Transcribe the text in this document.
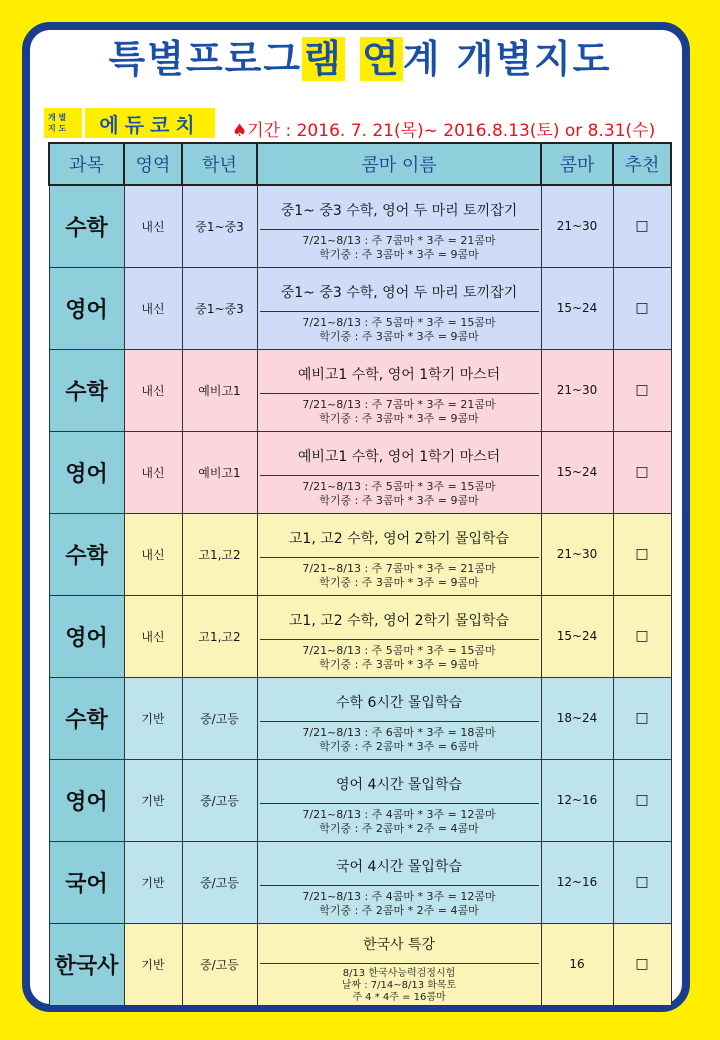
특별프로그램 연계 개별지도
개 별
지 도	에듀코치	♠기간 : 2016. 7. 21(목)~ 2016.8.13(토) or 8.31(수)
과목	영역	학년	콤마 이름	콤마	추천
수학	내신	중1~중3	중1~ 중3 수학, 영어 두 마리 토끼잡기
7/21~8/13 : 주 7콤마 * 3주 = 21콤마
학기중 : 주 3콤마 * 3주 = 9콤마	21~30	□
영어	내신	중1~중3	중1~ 중3 수학, 영어 두 마리 토끼잡기
7/21~8/13 : 주 5콤마 * 3주 = 15콤마
학기중 : 주 3콤마 * 3주 = 9콤마	15~24	□
수학	내신	예비고1	예비고1 수학, 영어 1학기 마스터
7/21~8/13 : 주 7콤마 * 3주 = 21콤마
학기중 : 주 3콤마 * 3주 = 9콤마	21~30	□
영어	내신	예비고1	예비고1 수학, 영어 1학기 마스터
7/21~8/13 : 주 5콤마 * 3주 = 15콤마
학기중 : 주 3콤마 * 3주 = 9콤마	15~24	□
수학	내신	고1,고2	고1, 고2 수학, 영어 2학기 몰입학습
7/21~8/13 : 주 7콤마 * 3주 = 21콤마
학기중 : 주 3콤마 * 3주 = 9콤마	21~30	□
영어	내신	고1,고2	고1, 고2 수학, 영어 2학기 몰입학습
7/21~8/13 : 주 5콤마 * 3주 = 15콤마
학기중 : 주 3콤마 * 3주 = 9콤마	15~24	□
수학	기반	중/고등	수학 6시간 몰입학습
7/21~8/13 : 주 6콤마 * 3주 = 18콤마
학기중 : 주 2콤마 * 3주 = 6콤마	18~24	□
영어	기반	중/고등	영어 4시간 몰입학습
7/21~8/13 : 주 4콤마 * 3주 = 12콤마
학기중 : 주 2콤마 * 2주 = 4콤마	12~16	□
국어	기반	중/고등	국어 4시간 몰입학습
7/21~8/13 : 주 4콤마 * 3주 = 12콤마
학기중 : 주 2콤마 * 2주 = 4콤마	12~16	□
한국사	기반	중/고등	한국사 특강
8/13 한국사능력검정시험
날짜 : 7/14~8/13 화목토
주 4 * 4주 = 16콤마	16	□
